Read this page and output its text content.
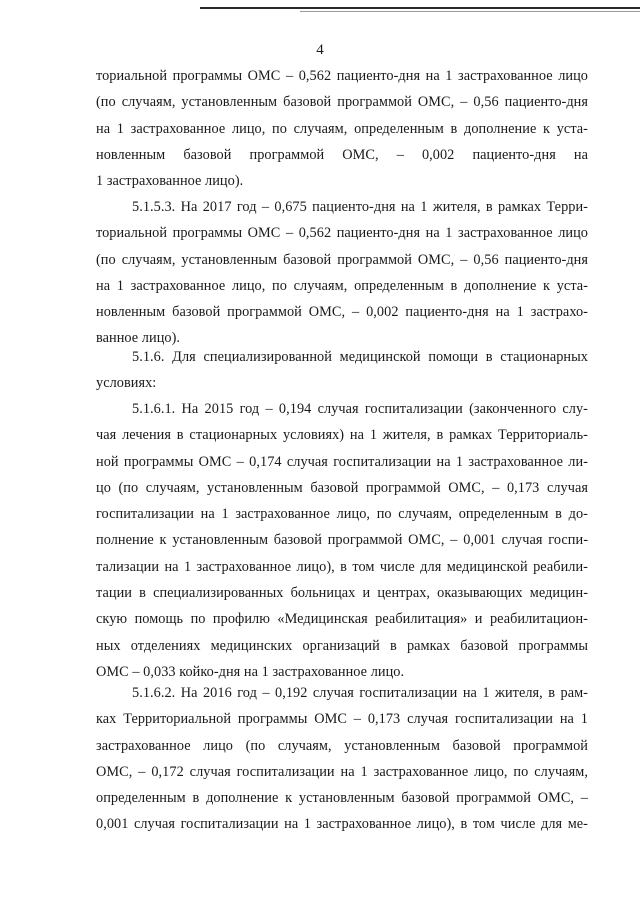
4
ториальной программы ОМС – 0,562 пациенто-дня на 1 застрахованное лицо
(по случаям, установленным базовой программой ОМС, – 0,56 пациенто-дня
на 1 застрахованное лицо, по случаям, определенным в дополнение к уста-
новленным базовой программой ОМС, – 0,002 пациенто-дня на
1 застрахованное лицо).
5.1.5.3. На 2017 год – 0,675 пациенто-дня на 1 жителя, в рамках Терри-
ториальной программы ОМС – 0,562 пациенто-дня на 1 застрахованное лицо
(по случаям, установленным базовой программой ОМС, – 0,56 пациенто-дня
на 1 застрахованное лицо, по случаям, определенным в дополнение к уста-
новленным базовой программой ОМС, – 0,002 пациенто-дня на 1 застрахо-
ванное лицо).
5.1.6. Для специализированной медицинской помощи в стационарных
условиях:
5.1.6.1. На 2015 год – 0,194 случая госпитализации (законченного слу-
чая лечения в стационарных условиях) на 1 жителя, в рамках Территориаль-
ной программы ОМС – 0,174 случая госпитализации на 1 застрахованное ли-
цо (по случаям, установленным базовой программой ОМС, – 0,173 случая
госпитализации на 1 застрахованное лицо, по случаям, определенным в до-
полнение к установленным базовой программой ОМС, – 0,001 случая госпи-
тализации на 1 застрахованное лицо), в том числе для медицинской реабили-
тации в специализированных больницах и центрах, оказывающих медицин-
скую помощь по профилю «Медицинская реабилитация» и реабилитацион-
ных отделениях медицинских организаций в рамках базовой программы
ОМС – 0,033 койко-дня на 1 застрахованное лицо.
5.1.6.2. На 2016 год – 0,192 случая госпитализации на 1 жителя, в рам-
ках Территориальной программы ОМС – 0,173 случая госпитализации на 1
застрахованное лицо (по случаям, установленным базовой программой
ОМС, – 0,172 случая госпитализации на 1 застрахованное лицо, по случаям,
определенным в дополнение к установленным базовой программой ОМС, –
0,001 случая госпитализации на 1 застрахованное лицо), в том числе для ме-
